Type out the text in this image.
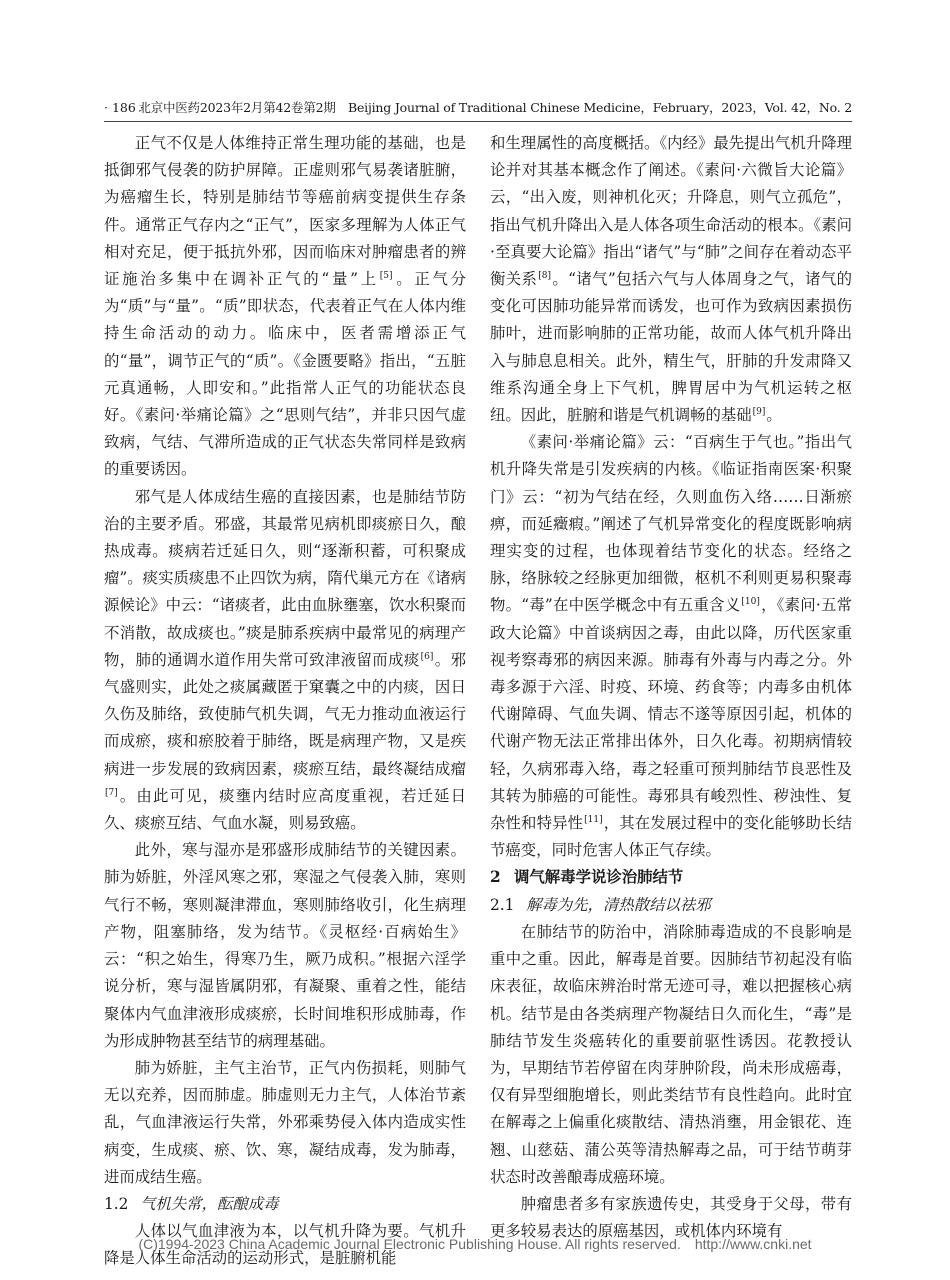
· 186 ·
北京中医药2023年2月第42卷第2期　Beijing Journal of Traditional Chinese Medicine，February，2023，Vol. 42，No. 2

正气不仅是人体维持正常生理功能的基础，也是抵御邪气侵袭的防护屏障。正虚则邪气易袭诸脏腑，为癌瘤生长，特别是肺结节等癌前病变提供生存条件。通常正气存内之“正气”，医家多理解为人体正气相对充足，便于抵抗外邪，因而临床对肿瘤患者的辨证施治多集中在调补正气的“量”上[5]。正气分为“质”与“量”。“质”即状态，代表着正气在人体内维持生命活动的动力。临床中，医者需增添正气的“量”，调节正气的“质”。《金匮要略》指出，“五脏元真通畅，人即安和。”此指常人正气的功能状态良好。《素问·举痛论篇》之“思则气结”，并非只因气虚致病，气结、气滞所造成的正气状态失常同样是致病的重要诱因。

邪气是人体成结生癌的直接因素，也是肺结节防治的主要矛盾。邪盛，其最常见病机即痰瘀日久，酿热成毒。痰病若迁延日久，则“逐渐积蓄，可积聚成瘤”。痰实质痰患不止四饮为病，隋代巢元方在《诸病源候论》中云：“诸痰者，此由血脉壅塞，饮水积聚而不消散，故成痰也。”痰是肺系疾病中最常见的病理产物，肺的通调水道作用失常可致津液留而成痰[6]。邪气盛则实，此处之痰属藏匿于窠囊之中的内痰，因日久伤及肺络，致使肺气机失调，气无力推动血液运行而成瘀，痰和瘀胶着于肺络，既是病理产物，又是疾病进一步发展的致病因素，痰瘀互结，最终凝结成瘤[7]。由此可见，痰壅内结时应高度重视，若迁延日久、痰瘀互结、气血水凝，则易致癌。

此外，寒与湿亦是邪盛形成肺结节的关键因素。肺为娇脏，外淫风寒之邪，寒湿之气侵袭入肺，寒则气行不畅，寒则凝津滞血，寒则肺络收引，化生病理产物，阻塞肺络，发为结节。《灵枢经·百病始生》云：“积之始生，得寒乃生，厥乃成积。”根据六淫学说分析，寒与湿皆属阴邪，有凝聚、重着之性，能结聚体内气血津液形成痰瘀，长时间堆积形成肺毒，作为形成肿物甚至结节的病理基础。

肺为娇脏，主气主治节，正气内伤损耗，则肺气无以充养，因而肺虚。肺虚则无力主气，人体治节紊乱，气血津液运行失常，外邪乘势侵入体内造成实性病变，生成痰、瘀、饮、寒，凝结成毒，发为肺毒，进而成结生癌。

1.2 气机失常，酝酿成毒

人体以气血津液为本，以气机升降为要。气机升降是人体生命活动的运动形式，是脏腑机能

和生理属性的高度概括。《内经》最先提出气机升降理论并对其基本概念作了阐述。《素问·六微旨大论篇》云，“出入废，则神机化灭；升降息，则气立孤危”，指出气机升降出入是人体各项生命活动的根本。《素问·至真要大论篇》指出“诸气”与“肺”之间存在着动态平衡关系[8]。“诸气”包括六气与人体周身之气，诸气的变化可因肺功能异常而诱发，也可作为致病因素损伤肺叶，进而影响肺的正常功能，故而人体气机升降出入与肺息息相关。此外，精生气，肝肺的升发肃降又维系沟通全身上下气机，脾胃居中为气机运转之枢纽。因此，脏腑和谐是气机调畅的基础[9]。

《素问·举痛论篇》云：“百病生于气也。”指出气机升降失常是引发疾病的内核。《临证指南医案·积聚门》云：“初为气结在经，久则血伤入络……日渐瘀痹，而延癥瘕。”阐述了气机异常变化的程度既影响病理实变的过程，也体现着结节变化的状态。经络之脉，络脉较之经脉更加细微，枢机不利则更易积聚毒物。“毒”在中医学概念中有五重含义[10]，《素问·五常政大论篇》中首谈病因之毒，由此以降，历代医家重视考察毒邪的病因来源。肺毒有外毒与内毒之分。外毒多源于六淫、时疫、环境、药食等；内毒多由机体代谢障碍、气血失调、情志不遂等原因引起，机体的代谢产物无法正常排出体外，日久化毒。初期病情较轻，久病邪毒入络，毒之轻重可预判肺结节良恶性及其转为肺癌的可能性。毒邪具有峻烈性、秽浊性、复杂性和特异性[11]，其在发展过程中的变化能够助长结节癌变，同时危害人体正气存续。

2 调气解毒学说诊治肺结节
2.1 解毒为先，清热散结以祛邪

在肺结节的防治中，消除肺毒造成的不良影响是重中之重。因此，解毒是首要。因肺结节初起没有临床表征，故临床辨治时常无迹可寻，难以把握核心病机。结节是由各类病理产物凝结日久而化生，“毒”是肺结节发生炎癌转化的重要前驱性诱因。花教授认为，早期结节若停留在肉芽肿阶段，尚未形成癌毒，仅有异型细胞增长，则此类结节有良性趋向。此时宜在解毒之上偏重化痰散结、清热消壅，用金银花、连翘、山慈菇、蒲公英等清热解毒之品，可于结节萌芽状态时改善酿毒成癌环境。

肿瘤患者多有家族遗传史，其受身于父母，带有更多较易表达的原癌基因，或机体内环境有

(C)1994-2023 China Academic Journal Electronic Publishing House. All rights reserved.　http://www.cnki.net
